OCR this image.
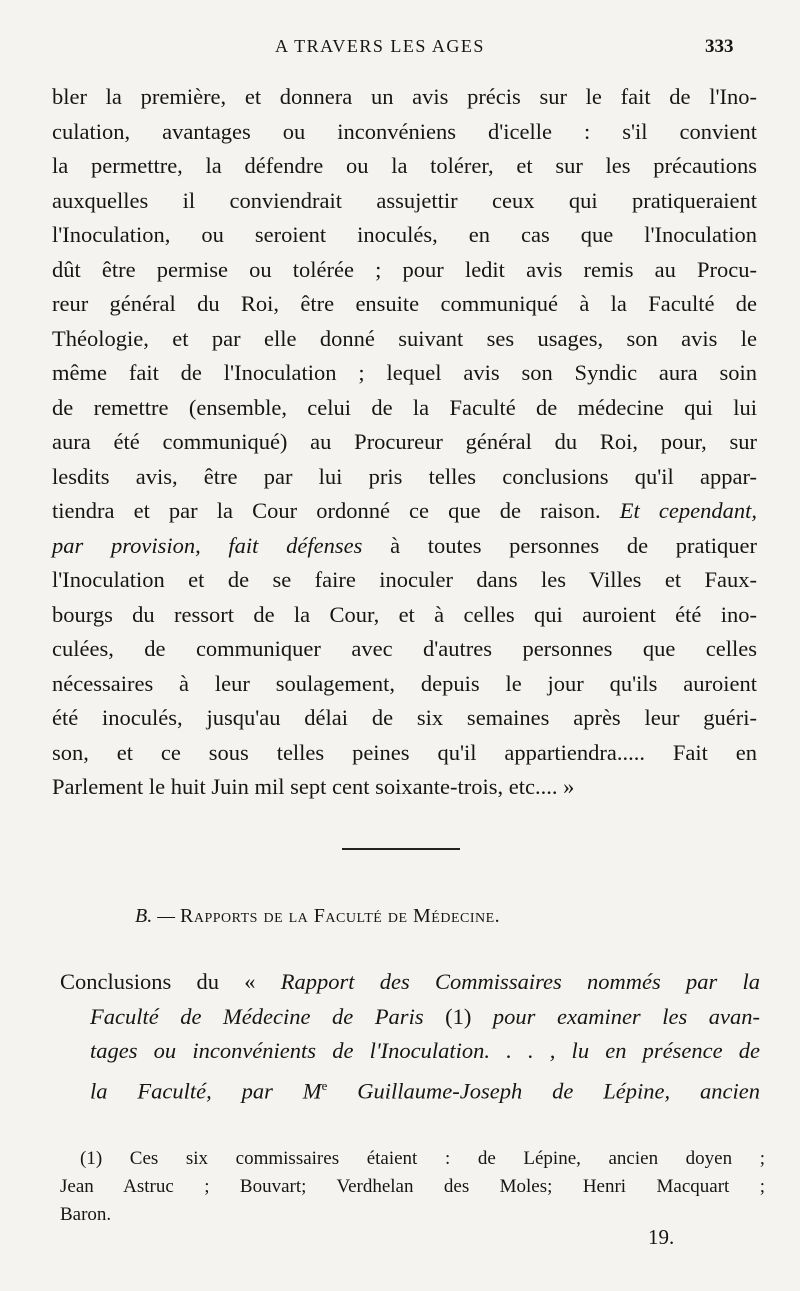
A TRAVERS LES AGES	333
bler la première, et donnera un avis précis sur le fait de l'Ino-
culation, avantages ou inconvéniens d'icelle : s'il convient
la permettre, la défendre ou la tolérer, et sur les précautions
auxquelles il conviendrait assujettir ceux qui pratiqueraient
l'Inoculation, ou seroient inoculés, en cas que l'Inoculation
dût être permise ou tolérée ; pour ledit avis remis au Procu-
reur général du Roi, être ensuite communiqué à la Faculté de
Théologie, et par elle donné suivant ses usages, son avis le
même fait de l'Inoculation ; lequel avis son Syndic aura soin
de remettre (ensemble, celui de la Faculté de médecine qui lui
aura été communiqué) au Procureur général du Roi, pour, sur
lesdits avis, être par lui pris telles conclusions qu'il appar-
tiendra et par la Cour ordonné ce que de raison. Et cependant,
par provision, fait défenses à toutes personnes de pratiquer
l'Inoculation et de se faire inoculer dans les Villes et Faux-
bourgs du ressort de la Cour, et à celles qui auroient été ino-
culées, de communiquer avec d'autres personnes que celles
nécessaires à leur soulagement, depuis le jour qu'ils auroient
été inoculés, jusqu'au délai de six semaines après leur guéri-
son, et ce sous telles peines qu'il appartiendra..... Fait en
Parlement le huit Juin mil sept cent soixante-trois, etc.... »
B. — Rapports de la Faculté de Médecine.
Conclusions du « Rapport des Commissaires nommés par la
Faculté de Médecine de Paris (1) pour examiner les avan-
tages ou inconvénients de l'Inoculation. . . , lu en présence de
la Faculté, par Me Guillaume-Joseph de Lépine, ancien
(1) Ces six commissaires étaient : de Lépine, ancien doyen ;
Jean Astruc ; Bouvart; Verdhelan des Moles; Henri Macquart ;
Baron.
19.
